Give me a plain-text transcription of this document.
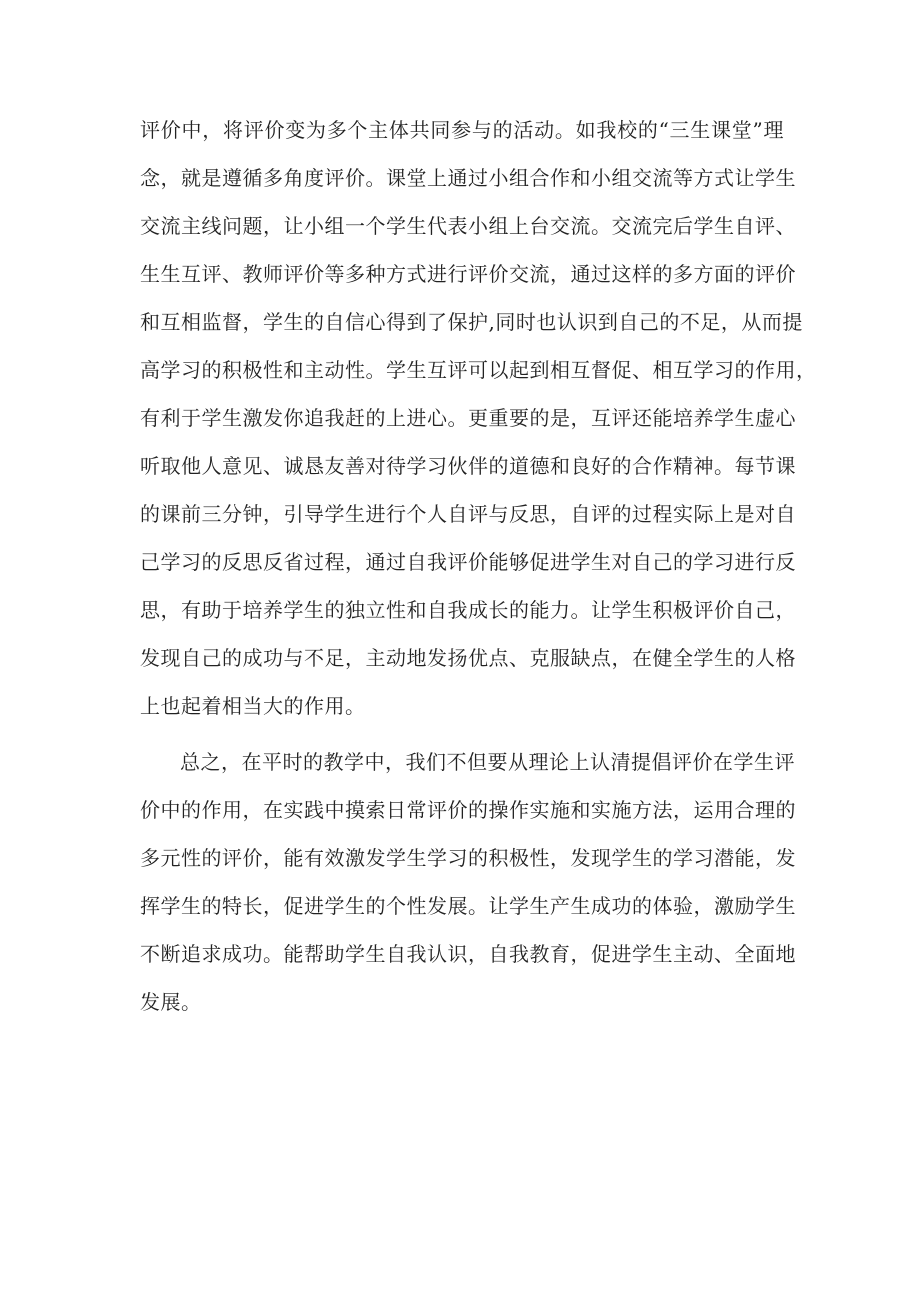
评价中，将评价变为多个主体共同参与的活动。如我校的“三生课堂”理
念，就是遵循多角度评价。课堂上通过小组合作和小组交流等方式让学生
交流主线问题，让小组一个学生代表小组上台交流。交流完后学生自评、
生生互评、教师评价等多种方式进行评价交流，通过这样的多方面的评价
和互相监督，学生的自信心得到了保护,同时也认识到自己的不足，从而提
高学习的积极性和主动性。学生互评可以起到相互督促、相互学习的作用，
有利于学生激发你追我赶的上进心。更重要的是，互评还能培养学生虚心
听取他人意见、诚恳友善对待学习伙伴的道德和良好的合作精神。每节课
的课前三分钟，引导学生进行个人自评与反思，自评的过程实际上是对自
己学习的反思反省过程，通过自我评价能够促进学生对自己的学习进行反
思，有助于培养学生的独立性和自我成长的能力。让学生积极评价自己，
发现自己的成功与不足，主动地发扬优点、克服缺点，在健全学生的人格
上也起着相当大的作用。
总之，在平时的教学中，我们不但要从理论上认清提倡评价在学生评
价中的作用，在实践中摸索日常评价的操作实施和实施方法，运用合理的
多元性的评价，能有效激发学生学习的积极性，发现学生的学习潜能，发
挥学生的特长，促进学生的个性发展。让学生产生成功的体验，激励学生
不断追求成功。能帮助学生自我认识，自我教育，促进学生主动、全面地
发展。
